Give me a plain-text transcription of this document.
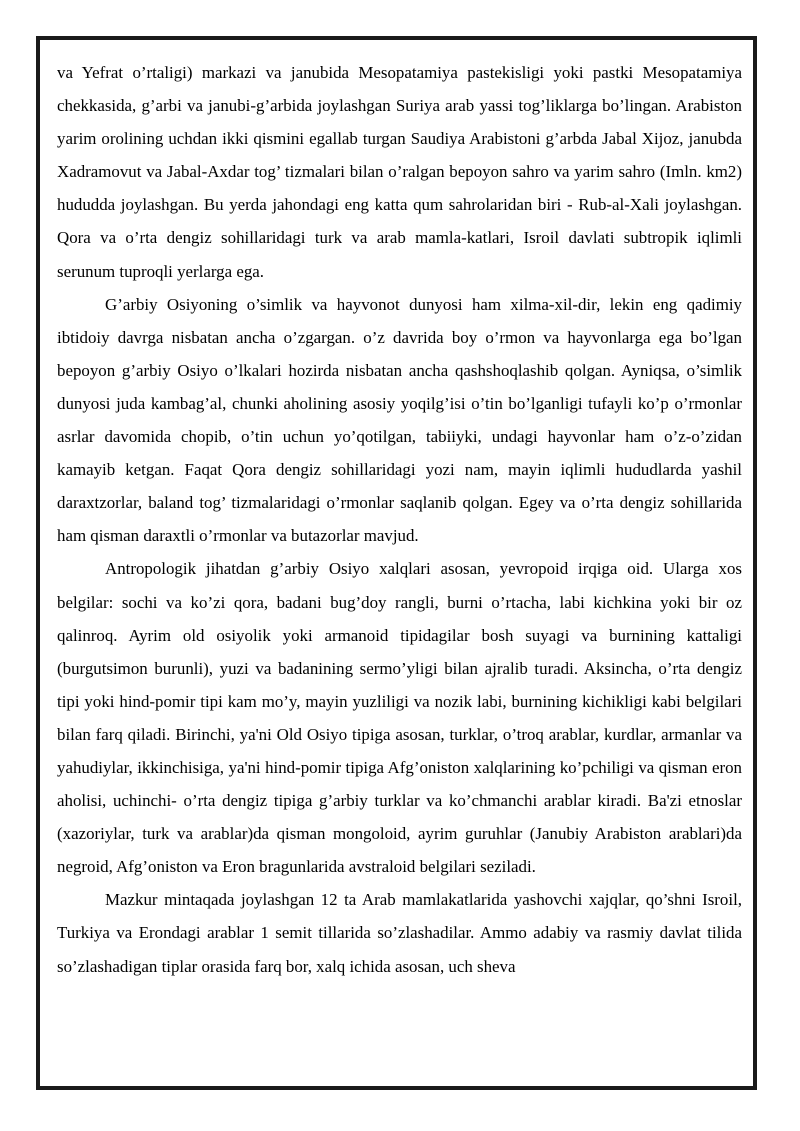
va Yefrat o’rtaligi) markazi va janubida Mesopatamiya pastekisligi yoki pastki Mesopatamiya chekkasida, g’arbi va janubi-g’arbida joylashgan Suriya arab yassi tog’liklarga bo’lingan. Arabiston yarim orolining uchdan ikki qismini egallab turgan Saudiya Arabistoni g’arbda Jabal Xijoz, janubda Xadramovut va Jabal-Axdar tog’ tizmalari bilan o’ralgan bepoyon sahro va yarim sahro (Imln. km2) hududda joylashgan. Bu yerda jahondagi eng katta qum sahrolaridan biri - Rub-al-Xali joylashgan. Qora va o’rta dengiz sohillaridagi turk va arab mamla-katlari, Isroil davlati subtropik iqlimli serunum tuproqli yerlarga ega.

G’arbiy Osiyoning o’simlik va hayvonot dunyosi ham xilma-xil-dir, lekin eng qadimiy ibtidoiy davrga nisbatan ancha o’zgargan. o’z davrida boy o’rmon va hayvonlarga ega bo’lgan bepoyon g’arbiy Osiyo o’lkalari hozirda nisbatan ancha qashshoqlashib qolgan. Ayniqsa, o’simlik dunyosi juda kambag’al, chunki aholining asosiy yoqilg’isi o’tin bo’lganligi tufayli ko’p o’rmonlar asrlar davomida chopib, o’tin uchun yo’qotilgan, tabiiyki, undagi hayvonlar ham o’z-o’zidan kamayib ketgan. Faqat Qora dengiz sohillaridagi yozi nam, mayin iqlimli hududlarda yashil daraxtzorlar, baland tog’ tizmalaridagi o’rmonlar saqlanib qolgan. Egey va o’rta dengiz sohillarida ham qisman daraxtli o’rmonlar va butazorlar mavjud.

Antropologik jihatdan g’arbiy Osiyo xalqlari asosan, yevropoid irqiga oid. Ularga xos belgilar: sochi va ko’zi qora, badani bug’doy rangli, burni o’rtacha, labi kichkina yoki bir oz qalinroq. Ayrim old osiyolik yoki armanoid tipidagilar bosh suyagi va burnining kattaligi (burgutsimon burunli), yuzi va badanining sermo’yligi bilan ajralib turadi. Aksincha, o’rta dengiz tipi yoki hind-pomir tipi kam mo’y, mayin yuzliligi va nozik labi, burnining kichikligi kabi belgilari bilan farq qiladi. Birinchi, ya'ni Old Osiyo tipiga asosan, turklar, o’troq arablar, kurdlar, armanlar va yahudiylar, ikkinchisiga, ya'ni hind-pomir tipiga Afg’oniston xalqlarining ko’pchiligi va qisman eron aholisi, uchinchi- o’rta dengiz tipiga g’arbiy turklar va ko’chmanchi arablar kiradi. Ba'zi etnoslar (xazoriylar, turk va arablar)da qisman mongoloid, ayrim guruhlar (Janubiy Arabiston arablari)da negroid, Afg’oniston va Eron bragunlarida avstraloid belgilari seziladi.

Mazkur mintaqada joylashgan 12 ta Arab mamlakatlarida yashovchi xajqlar, qo’shni Isroil, Turkiya va Erondagi arablar 1 semit tillarida so’zlashadilar. Ammo adabiy va rasmiy davlat tilida so’zlashadigan tiplar orasida farq bor, xalq ichida asosan, uch sheva
